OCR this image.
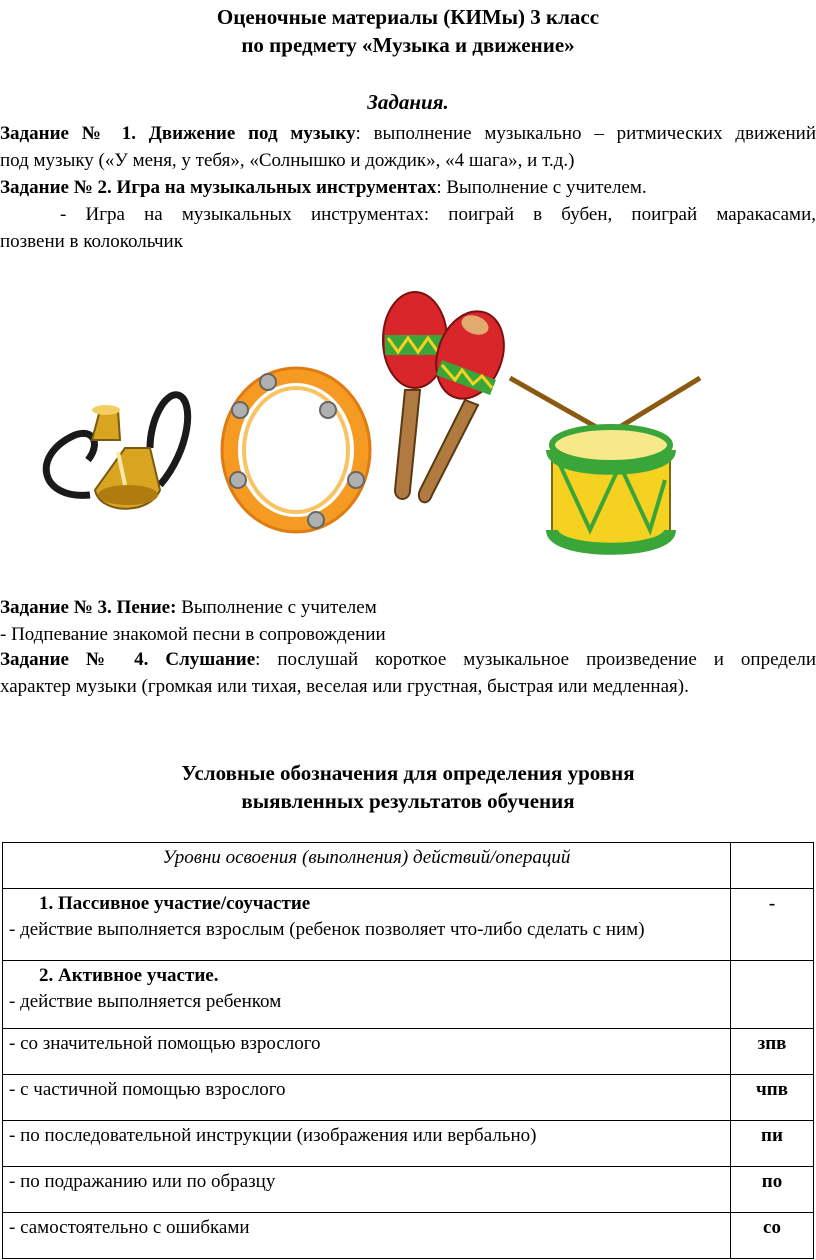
Оценочные материалы (КИМы) 3 класс
по предмету «Музыка и движение»
Задания.
Задание № 1. Движение под музыку: выполнение музыкально – ритмических движений
под музыку («У меня, у тебя», «Солнышко и дождик», «4 шага», и т.д.)
Задание № 2. Игра на музыкальных инструментах: Выполнение с учителем.
- Игра на музыкальных инструментах: поиграй в бубен, поиграй маракасами,
позвени в колокольчик
Задание № 3. Пение: Выполнение с учителем
- Подпевание знакомой песни в сопровождении
Задание № 4. Слушание: послушай короткое музыкальное произведение и определи
характер музыки (громкая или тихая, веселая или грустная, быстрая или медленная).
Условные обозначения для определения уровня
выявленных результатов обучения
Уровни освоения (выполнения) действий/операций	

1. Пассивное участие/соучастие
- действие выполняется взрослым (ребенок позволяет что-либо сделать с ним)	-

2. Активное участие.
- действие выполняется ребенком	

- со значительной помощью взрослого	зпв
- с частичной помощью взрослого	чпв
- по последовательной инструкции (изображения или вербально)	пи
- по подражанию или по образцу	по
- самостоятельно с ошибками	со
